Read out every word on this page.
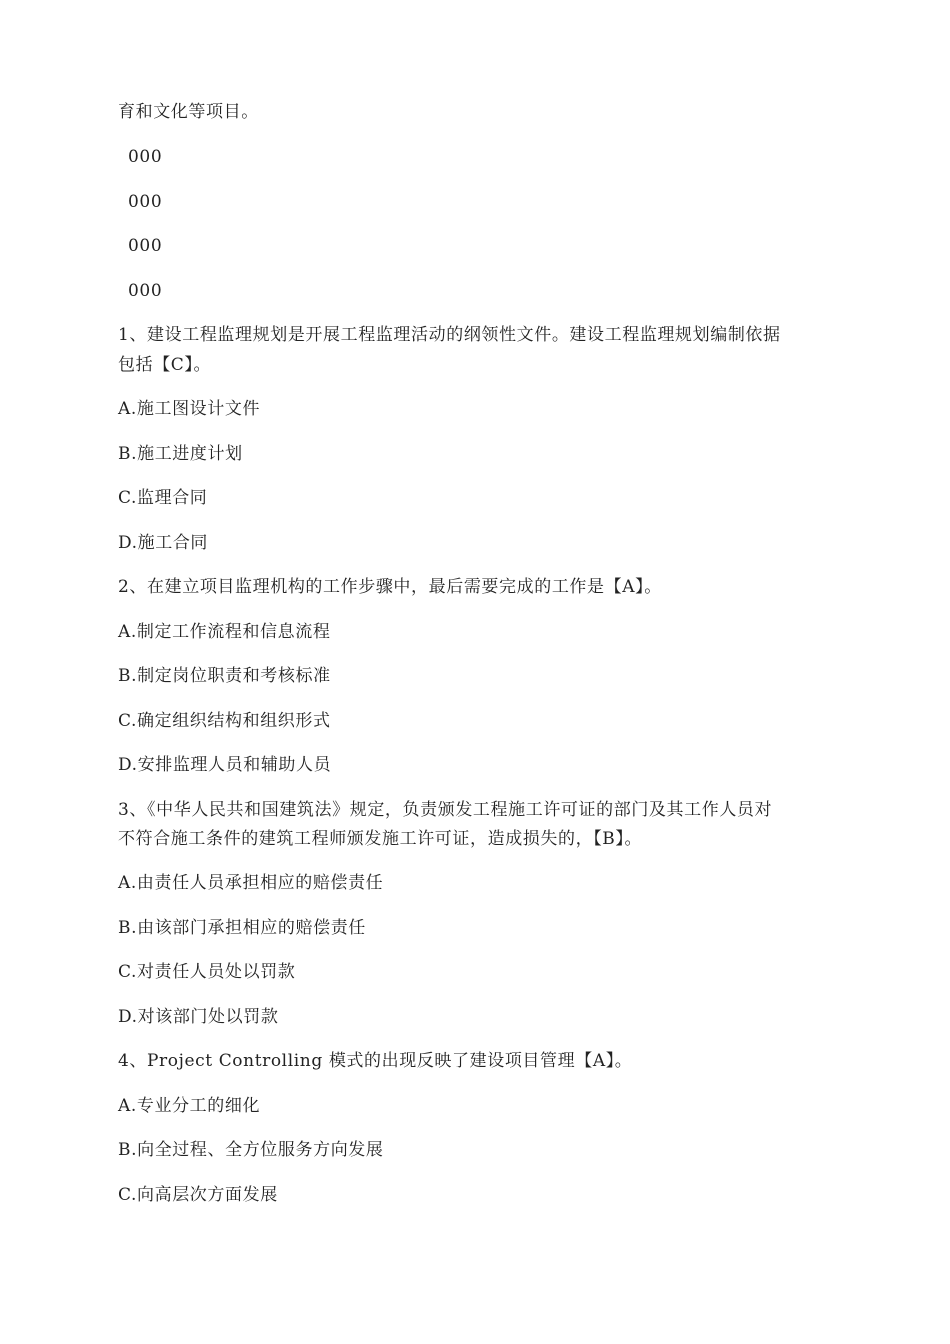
育和文化等项目。
000
000
000
000
1、建设工程监理规划是开展工程监理活动的纲领性文件。建设工程监理规划编制依据
包括【C】。
A.施工图设计文件
B.施工进度计划
C.监理合同
D.施工合同
2、在建立项目监理机构的工作步骤中，最后需要完成的工作是【A】。
A.制定工作流程和信息流程
B.制定岗位职责和考核标准
C.确定组织结构和组织形式
D.安排监理人员和辅助人员
3、《中华人民共和国建筑法》规定，负责颁发工程施工许可证的部门及其工作人员对
不符合施工条件的建筑工程师颁发施工许可证，造成损失的，【B】。
A.由责任人员承担相应的赔偿责任
B.由该部门承担相应的赔偿责任
C.对责任人员处以罚款
D.对该部门处以罚款
4、Project Controlling 模式的出现反映了建设项目管理【A】。
A.专业分工的细化
B.向全过程、全方位服务方向发展
C.向高层次方面发展
